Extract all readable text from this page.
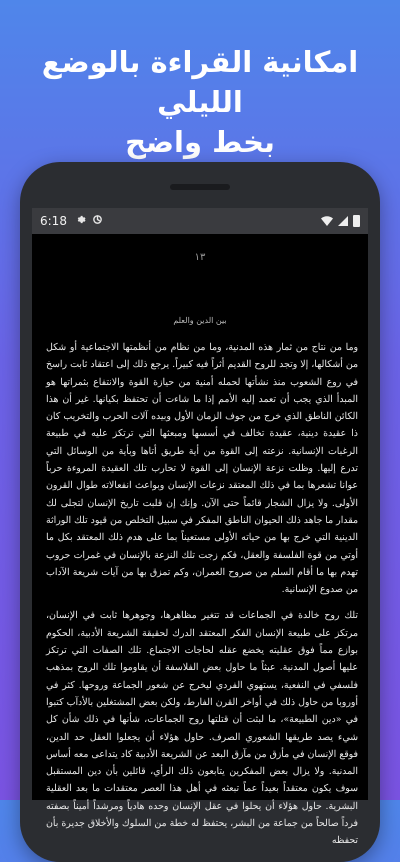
امكانية القراءة بالوضع الليلي
بخط واضح
6:18
١٣
بين الدين والعلم

وما من نتاج من ثمار هذه المدنية، وما من نظام من أنظمتها الاجتماعية أو شكل من أشكالها، إلا وتجد للروح القديم أثراً فيه كبيراً. يرجع ذلك إلى اعتقاد ثابت راسخ في روع الشعوب منذ نشأتها لحمله أمنية من حيازة القوة والانتفاع بثمراتها هو المبدأ الذي يجب أن تعمد إليه الأمم إذا ما شاءت أن تحتفظ بكيانها. غير أن هذا الكائن الناطق الذي خرج من جوف الزمان الأول وبيده آلات الحرب والتخريب كان ذا عقيدة دينية، عقيدة تخالف في أسسها ومبعثها التي ترتكز عليه في طبيعة الرغبات الإنسانية. نزعته إلى القوة من أية طريق أتاها وبأية من الوسائل التي تدرع إليها. وظلت نزعة الإنسان إلى القوة لا تحارب تلك العقيدة المروءة حرباً عوانا تشعرها بما في ذلك المعتقد نزعات الإنسان وبواعث انفعالاته طوال القرون الأولى. ولا يزال الشجار قائماً حتى الآن. وإنك إن قلبت تاريخ الإنسان لتجلى لك مقدار ما جاهد ذلك الحيوان الناطق المفكر في سبيل التخلص من قيود تلك الوراثة الدينية التي خرج بها من حياته الأولى مستعيناً بما على هدم ذلك المعتقد بكل ما أوتي من قوة الفلسفة والعقل، فكم زجت تلك النزعة بالإنسان في غمرات حروب تهدم بها ما أقام السلم من صروح العمران، وكم تمزق بها من آيات شريعة الآداب من صدوع الإنسانية.

تلك روح خالدة في الجماعات قد تتغير مظاهرها، وجوهرها ثابت في الإنسان، مرتكز على طبيعة الإنسان الفكر المعتقد الدرك لحقيقة الشريعة الأدبية، الحكوم بوازع مماً فوق عقليته يخضع عقله لحاجات الاجتماع. تلك الصفات التي ترتكز عليها أصول المدنية. عبثاً ما حاول بعض الفلاسفة أن يقاوموا تلك الروح بمذهب فلسفي في النفعية، يستهوي الفردي ليخرج عن شعور الجماعة وروحها. كثر في أوروبا من حاول ذلك في أواخر القرن الفارط، ولكن بعض المشتغلين بالأدآب كتبوا في «دين الطبيعة»، ما لبثت أن قتلتها روح الجماعات، شأنها في ذلك شأن كل شيء يصد طريقها الشعوري الصرف. حاول هؤلاء أن يجعلوا العقل حد الدين، فوقع الإنسان في مأزق من مآزق البعد عن الشريعة الأدبية كاد يتداعى معه أساس المدنية. ولا يزال بعض المفكرين يتابعون ذلك الرأي، قائلين بأن دين المستقبل سوف يكون معتقداً بعيداً عماً تبعثه في أهل هذا العصر معتقدات ما بعد العقلية البشرية. حاول هؤلاء أن يحلوا في عقل الإنسان وحده هادياً ومرشداً أميناً بصفته فرداً صالحاً من جماعة من البشر، يحتفظ له خطة من السلوك والأخلاق جديرة بأن تحفظه
